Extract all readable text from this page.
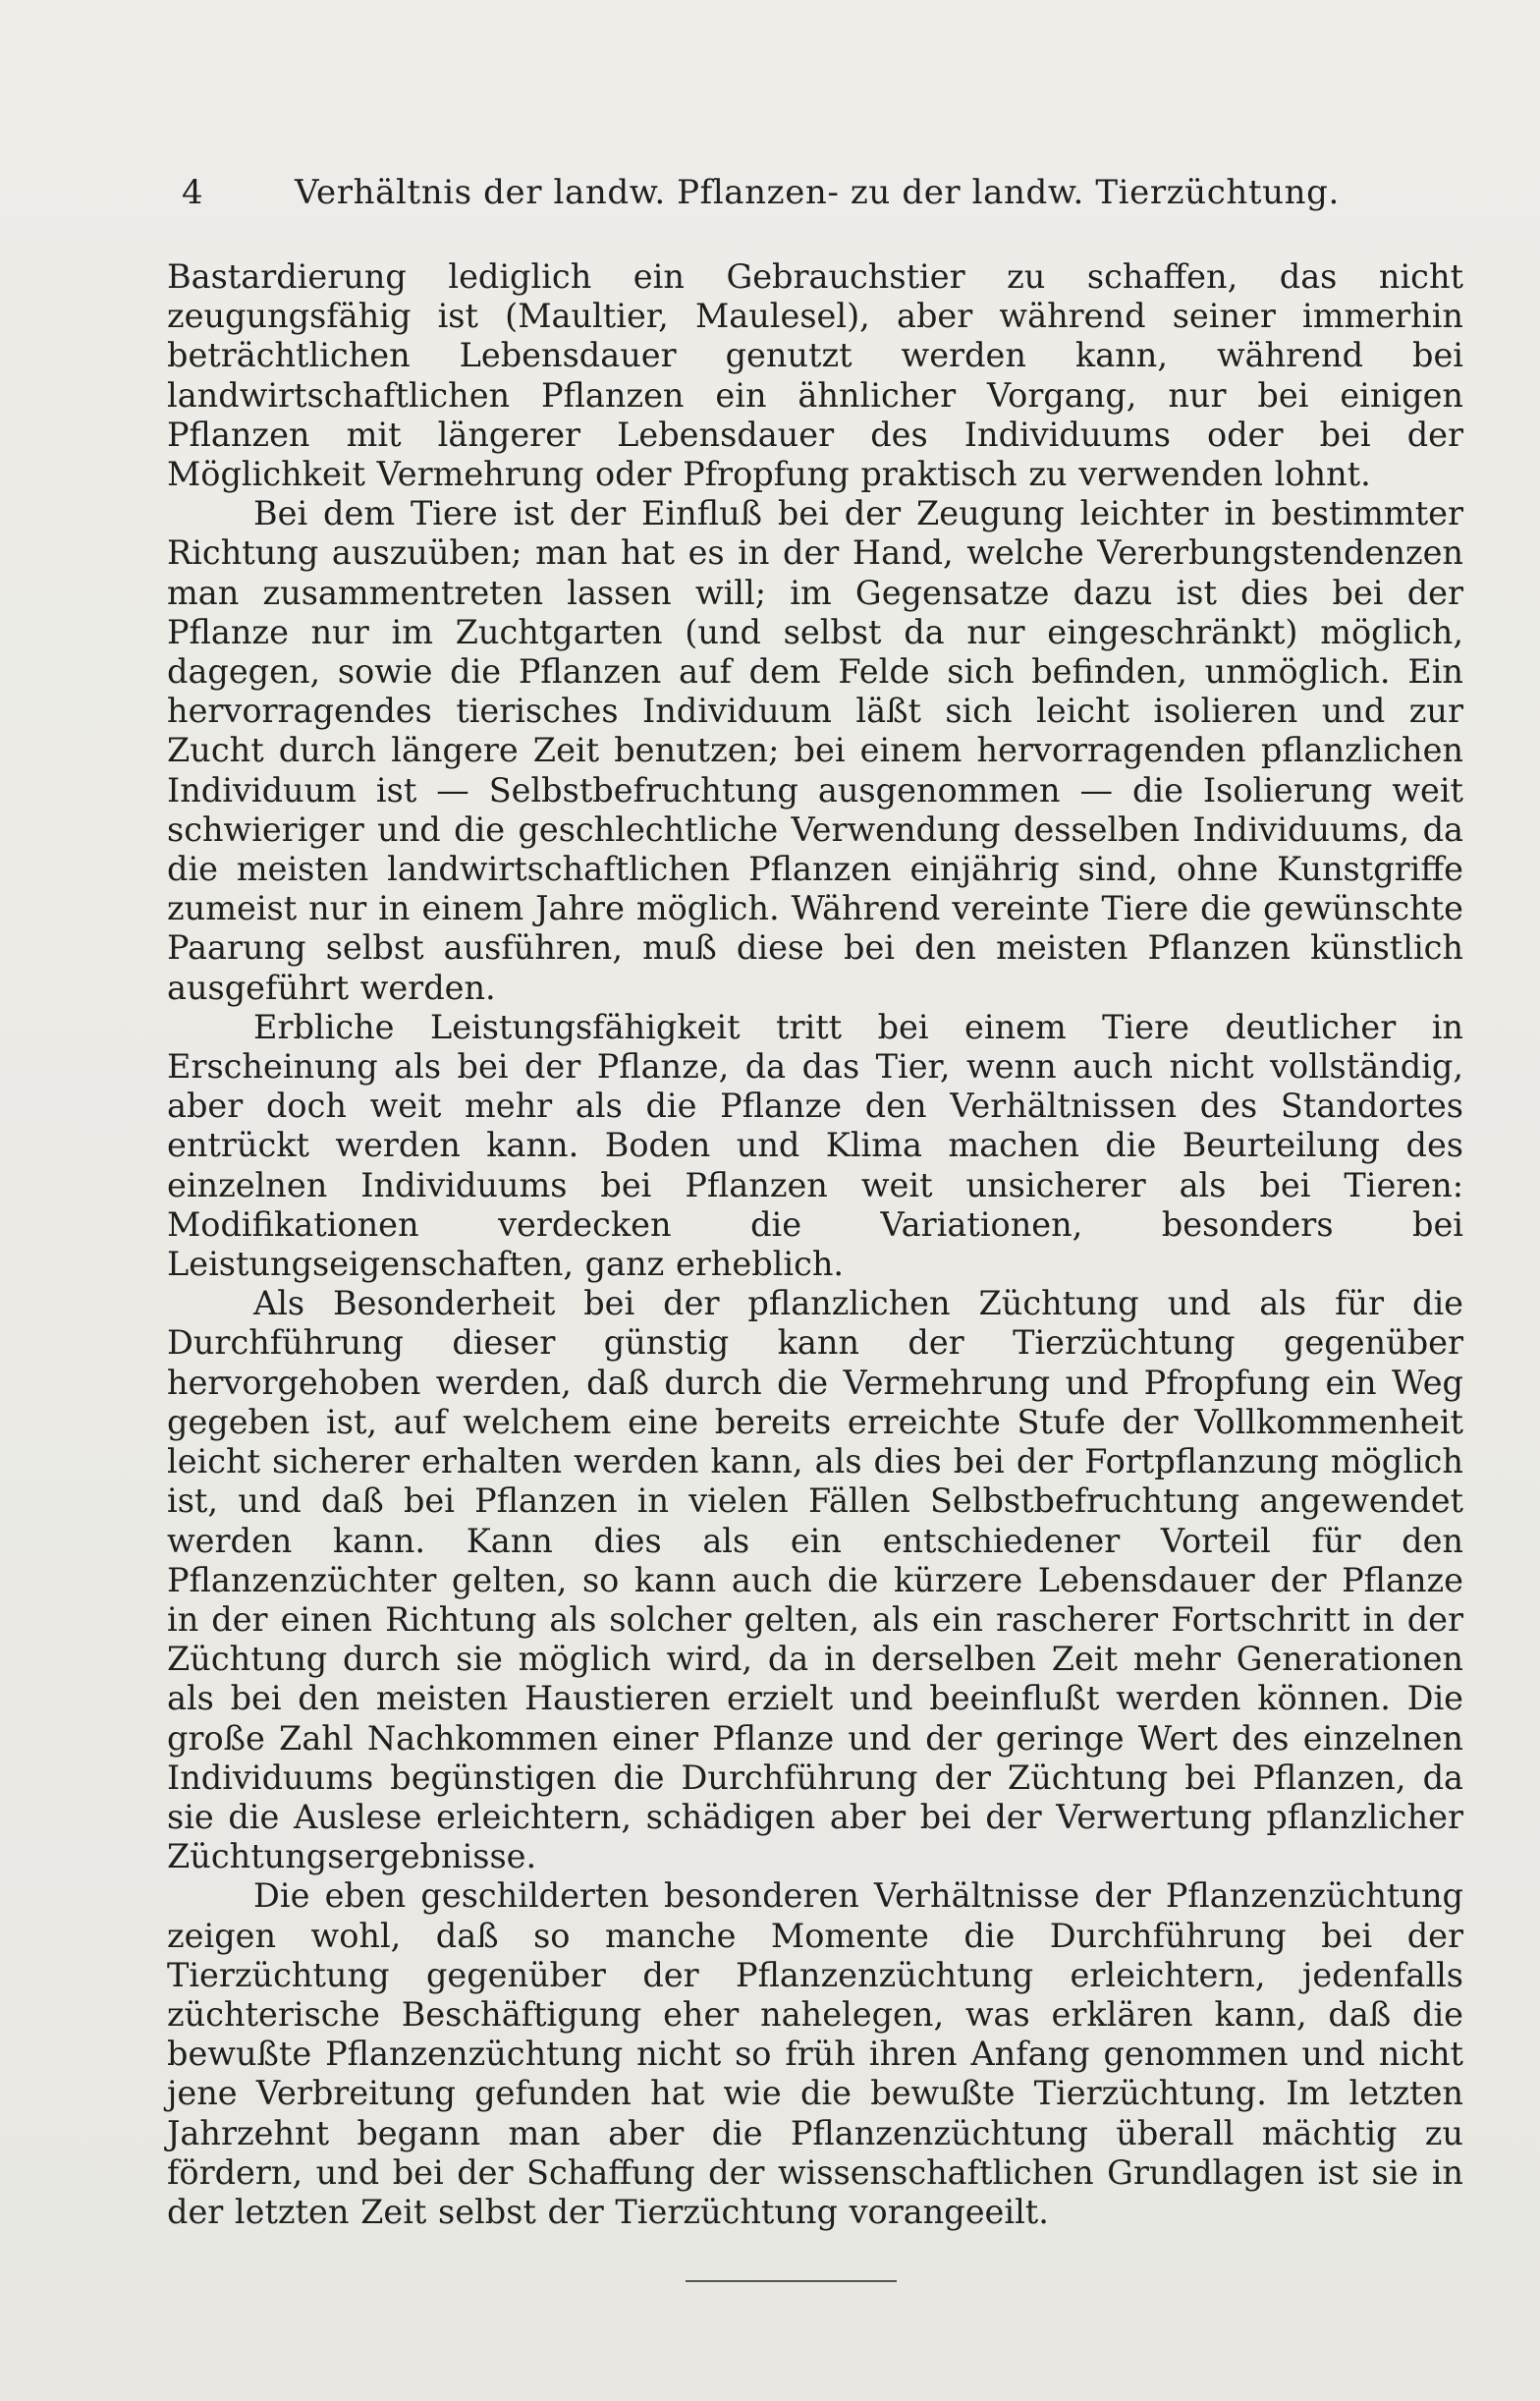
4	Verhältnis der landw. Pflanzen- zu der landw. Tierzüchtung.

Bastardierung lediglich ein Gebrauchstier zu schaffen, das nicht zeugungsfähig ist (Maultier, Maulesel), aber während seiner immerhin beträchtlichen Lebensdauer genutzt werden kann, während bei landwirtschaftlichen Pflanzen ein ähnlicher Vorgang, nur bei einigen Pflanzen mit längerer Lebensdauer des Individuums oder bei der Möglichkeit Vermehrung oder Pfropfung praktisch zu verwenden lohnt.

Bei dem Tiere ist der Einfluß bei der Zeugung leichter in bestimmter Richtung auszuüben; man hat es in der Hand, welche Vererbungstendenzen man zusammentreten lassen will; im Gegensatze dazu ist dies bei der Pflanze nur im Zuchtgarten (und selbst da nur eingeschränkt) möglich, dagegen, sowie die Pflanzen auf dem Felde sich befinden, unmöglich. Ein hervorragendes tierisches Individuum läßt sich leicht isolieren und zur Zucht durch längere Zeit benutzen; bei einem hervorragenden pflanzlichen Individuum ist — Selbstbefruchtung ausgenommen — die Isolierung weit schwieriger und die geschlechtliche Verwendung desselben Individuums, da die meisten landwirtschaftlichen Pflanzen einjährig sind, ohne Kunstgriffe zumeist nur in einem Jahre möglich. Während vereinte Tiere die gewünschte Paarung selbst ausführen, muß diese bei den meisten Pflanzen künstlich ausgeführt werden.

Erbliche Leistungsfähigkeit tritt bei einem Tiere deutlicher in Erscheinung als bei der Pflanze, da das Tier, wenn auch nicht vollständig, aber doch weit mehr als die Pflanze den Verhältnissen des Standortes entrückt werden kann. Boden und Klima machen die Beurteilung des einzelnen Individuums bei Pflanzen weit unsicherer als bei Tieren: Modifikationen verdecken die Variationen, besonders bei Leistungseigenschaften, ganz erheblich.

Als Besonderheit bei der pflanzlichen Züchtung und als für die Durchführung dieser günstig kann der Tierzüchtung gegenüber hervorgehoben werden, daß durch die Vermehrung und Pfropfung ein Weg gegeben ist, auf welchem eine bereits erreichte Stufe der Vollkommenheit leicht sicherer erhalten werden kann, als dies bei der Fortpflanzung möglich ist, und daß bei Pflanzen in vielen Fällen Selbstbefruchtung angewendet werden kann. Kann dies als ein entschiedener Vorteil für den Pflanzenzüchter gelten, so kann auch die kürzere Lebensdauer der Pflanze in der einen Richtung als solcher gelten, als ein rascherer Fortschritt in der Züchtung durch sie möglich wird, da in derselben Zeit mehr Generationen als bei den meisten Haustieren erzielt und beeinflußt werden können. Die große Zahl Nachkommen einer Pflanze und der geringe Wert des einzelnen Individuums begünstigen die Durchführung der Züchtung bei Pflanzen, da sie die Auslese erleichtern, schädigen aber bei der Verwertung pflanzlicher Züchtungsergebnisse.

Die eben geschilderten besonderen Verhältnisse der Pflanzenzüchtung zeigen wohl, daß so manche Momente die Durchführung bei der Tierzüchtung gegenüber der Pflanzenzüchtung erleichtern, jedenfalls züchterische Beschäftigung eher nahelegen, was erklären kann, daß die bewußte Pflanzenzüchtung nicht so früh ihren Anfang genommen und nicht jene Verbreitung gefunden hat wie die bewußte Tierzüchtung. Im letzten Jahrzehnt begann man aber die Pflanzenzüchtung überall mächtig zu fördern, und bei der Schaffung der wissenschaftlichen Grundlagen ist sie in der letzten Zeit selbst der Tierzüchtung vorangeeilt.
